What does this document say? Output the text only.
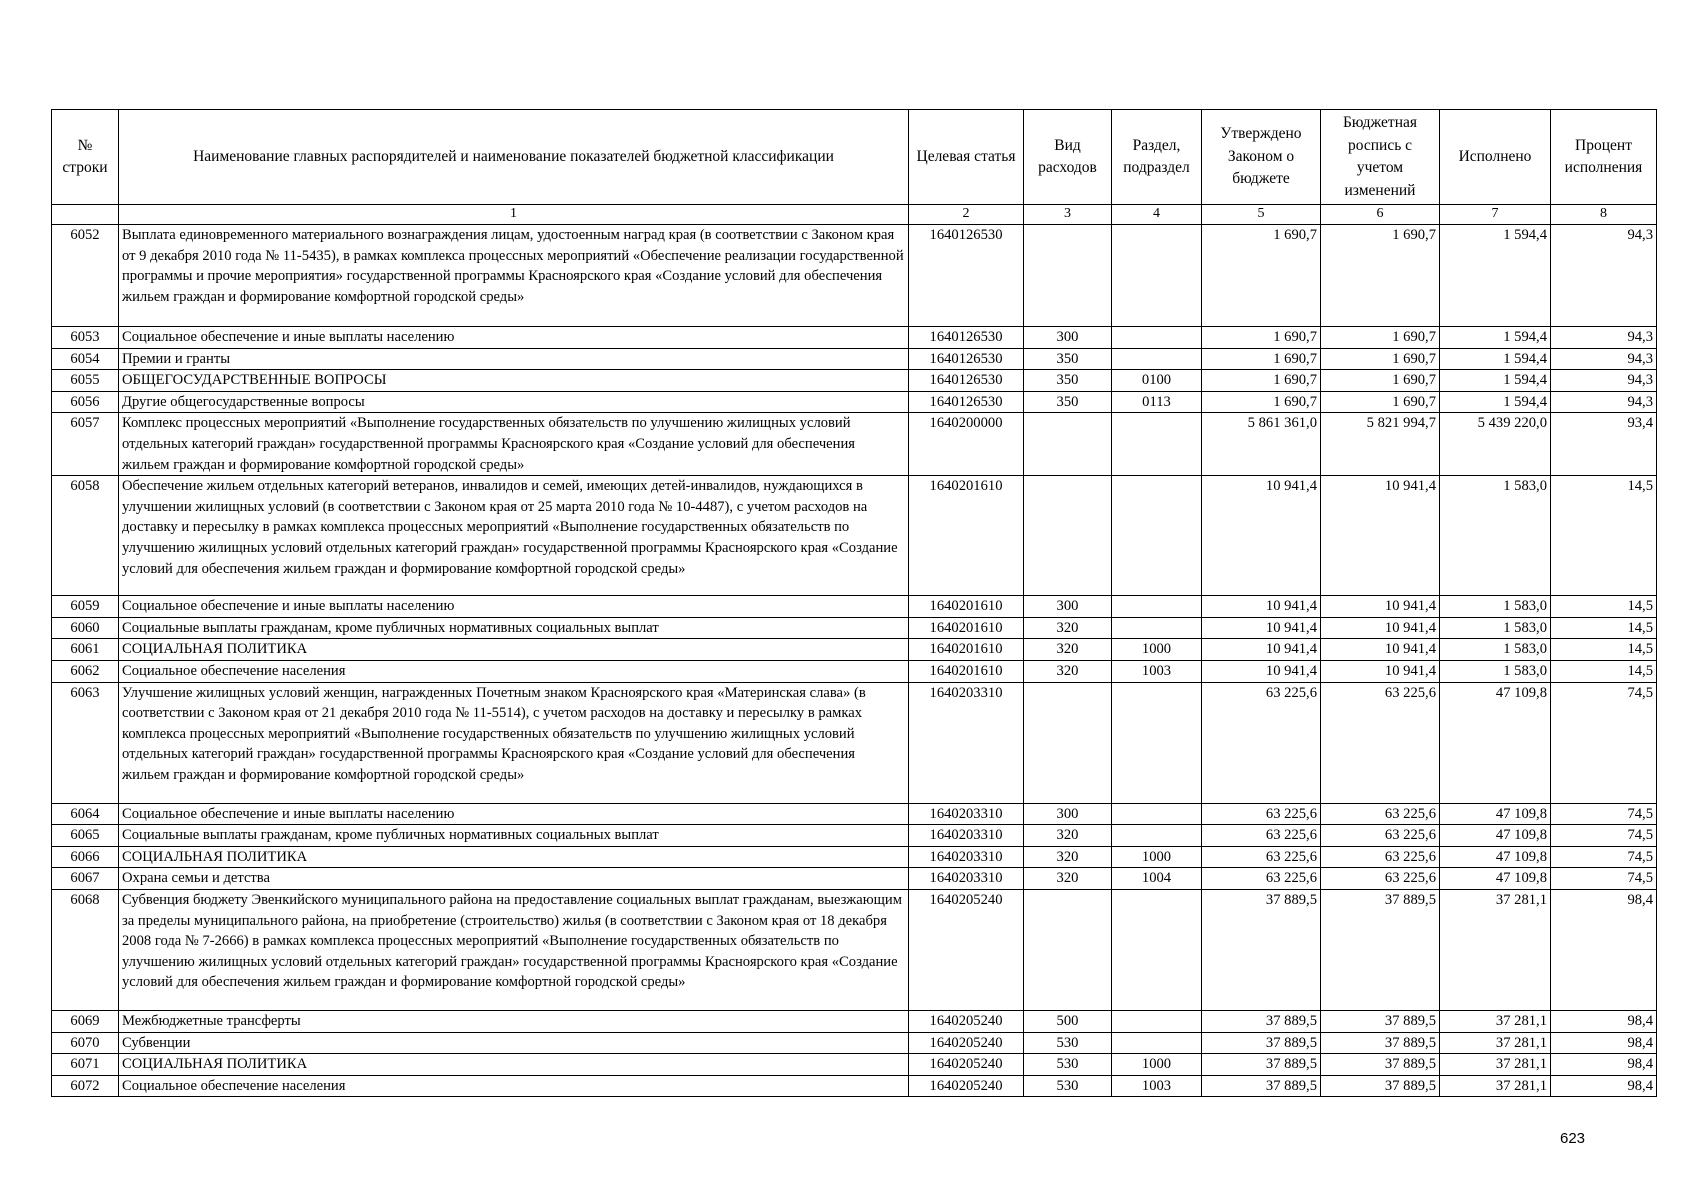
№ строки	Наименование главных распорядителей и наименование показателей бюджетной классификации	Целевая статья	Вид расходов	Раздел, подраздел	Утверждено Законом о бюджете	Бюджетная роспись с учетом изменений	Исполнено	Процент исполнения
	1	2	3	4	5	6	7	8
6052	Выплата единовременного материального вознаграждения лицам, удостоенным наград края (в соответствии с Законом края от 9 декабря 2010 года № 11-5435), в рамках комплекса процессных мероприятий «Обеспечение реализации государственной программы и прочие мероприятия» государственной программы Красноярского края «Создание условий для обеспечения жильем граждан и формирование комфортной городской среды»	1640126530			1 690,7	1 690,7	1 594,4	94,3
6053	Социальное обеспечение и иные выплаты населению	1640126530	300		1 690,7	1 690,7	1 594,4	94,3
6054	Премии и гранты	1640126530	350		1 690,7	1 690,7	1 594,4	94,3
6055	ОБЩЕГОСУДАРСТВЕННЫЕ ВОПРОСЫ	1640126530	350	0100	1 690,7	1 690,7	1 594,4	94,3
6056	Другие общегосударственные вопросы	1640126530	350	0113	1 690,7	1 690,7	1 594,4	94,3
6057	Комплекс процессных мероприятий «Выполнение государственных обязательств по улучшению жилищных условий отдельных категорий граждан» государственной программы Красноярского края «Создание условий для обеспечения жильем граждан и формирование комфортной городской среды»	1640200000			5 861 361,0	5 821 994,7	5 439 220,0	93,4
6058	Обеспечение жильем отдельных категорий ветеранов, инвалидов и семей, имеющих детей-инвалидов, нуждающихся в улучшении жилищных условий (в соответствии с Законом края от 25 марта 2010 года № 10-4487), с учетом расходов на доставку и пересылку в рамках комплекса процессных мероприятий «Выполнение государственных обязательств по улучшению жилищных условий отдельных категорий граждан» государственной программы Красноярского края «Создание условий для обеспечения жильем граждан и формирование комфортной городской среды»	1640201610			10 941,4	10 941,4	1 583,0	14,5
6059	Социальное обеспечение и иные выплаты населению	1640201610	300		10 941,4	10 941,4	1 583,0	14,5
6060	Социальные выплаты гражданам, кроме публичных нормативных социальных выплат	1640201610	320		10 941,4	10 941,4	1 583,0	14,5
6061	СОЦИАЛЬНАЯ ПОЛИТИКА	1640201610	320	1000	10 941,4	10 941,4	1 583,0	14,5
6062	Социальное обеспечение населения	1640201610	320	1003	10 941,4	10 941,4	1 583,0	14,5
6063	Улучшение жилищных условий женщин, награжденных Почетным знаком Красноярского края «Материнская слава» (в соответствии с Законом края от 21 декабря 2010 года № 11-5514), с учетом расходов на доставку и пересылку в рамках комплекса процессных мероприятий «Выполнение государственных обязательств по улучшению жилищных условий отдельных категорий граждан» государственной программы Красноярского края «Создание условий для обеспечения жильем граждан и формирование комфортной городской среды»	1640203310			63 225,6	63 225,6	47 109,8	74,5
6064	Социальное обеспечение и иные выплаты населению	1640203310	300		63 225,6	63 225,6	47 109,8	74,5
6065	Социальные выплаты гражданам, кроме публичных нормативных социальных выплат	1640203310	320		63 225,6	63 225,6	47 109,8	74,5
6066	СОЦИАЛЬНАЯ ПОЛИТИКА	1640203310	320	1000	63 225,6	63 225,6	47 109,8	74,5
6067	Охрана семьи и детства	1640203310	320	1004	63 225,6	63 225,6	47 109,8	74,5
6068	Субвенция бюджету Эвенкийского муниципального района на предоставление социальных выплат гражданам, выезжающим за пределы муниципального района, на приобретение (строительство) жилья (в соответствии с Законом края от 18 декабря 2008 года № 7-2666) в рамках комплекса процессных мероприятий «Выполнение государственных обязательств по улучшению жилищных условий отдельных категорий граждан» государственной программы Красноярского края «Создание условий для обеспечения жильем граждан и формирование комфортной городской среды»	1640205240			37 889,5	37 889,5	37 281,1	98,4
6069	Межбюджетные трансферты	1640205240	500		37 889,5	37 889,5	37 281,1	98,4
6070	Субвенции	1640205240	530		37 889,5	37 889,5	37 281,1	98,4
6071	СОЦИАЛЬНАЯ ПОЛИТИКА	1640205240	530	1000	37 889,5	37 889,5	37 281,1	98,4
6072	Социальное обеспечение населения	1640205240	530	1003	37 889,5	37 889,5	37 281,1	98,4
623
